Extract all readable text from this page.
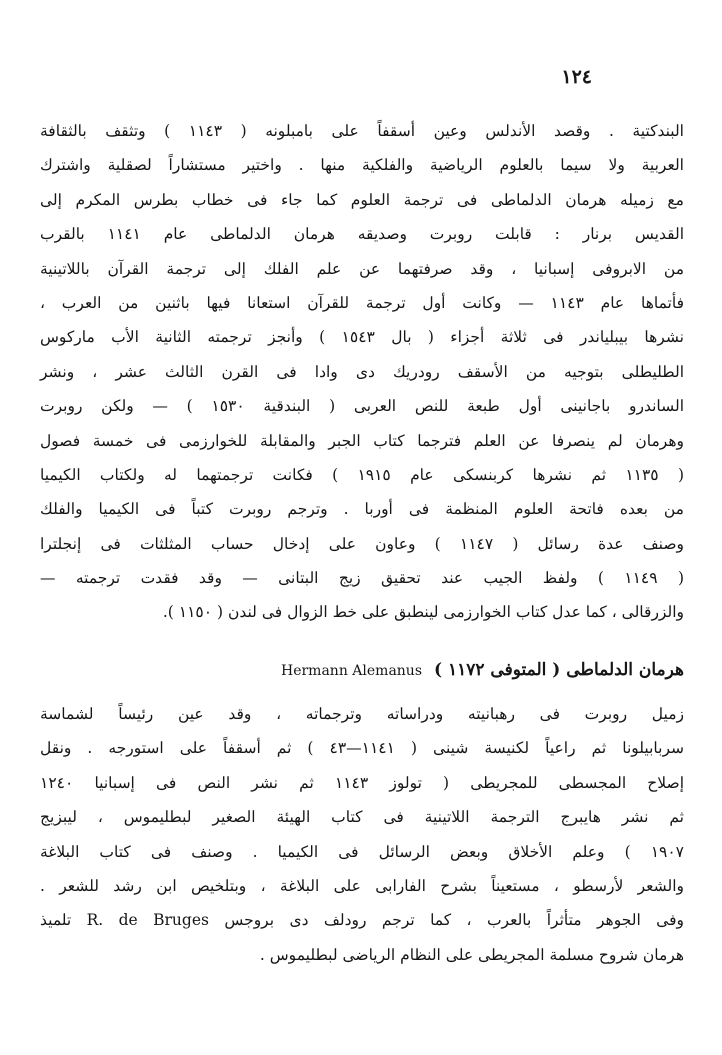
١٢٤
البندكتية . وقصد الأندلس وعين أسقفاً على بامبلونه ( ١١٤٣ ) وتثقف بالثقافة
العربية ولا سيما بالعلوم الرياضية والفلكية منها . واختير مستشاراً لصقلية واشترك
مع زميله هرمان الدلماطى فى ترجمة العلوم كما جاء فى خطاب بطرس المكرم إلى
القديس برنار : قابلت روبرت وصديقه هرمان الدلماطى عام ١١٤١ بالقرب
من الابروفى إسبانيا ، وقد صرفتهما عن علم الفلك إلى ترجمة القرآن باللاتينية
فأتماها عام ١١٤٣ — وكانت أول ترجمة للقرآن استعانا فيها باثنين من العرب ،
نشرها بيبلياندر فى ثلاثة أجزاء ( بال ١٥٤٣ ) وأنجز ترجمته الثانية الأب ماركوس
الطليطلى بتوجيه من الأسقف رودريك دى وادا فى القرن الثالث عشر ، ونشر
الساندرو باجانينى أول طبعة للنص العربى ( البندقية ١٥٣٠ ) — ولكن روبرت
وهرمان لم ينصرفا عن العلم فترجما كتاب الجبر والمقابلة للخوارزمى فى خمسة فصول
( ١١٣٥ ثم نشرها كربنسكى عام ١٩١٥ ) فكانت ترجمتهما له ولكتاب الكيميا
من بعده فاتحة العلوم المنظمة فى أوربا . وترجم روبرت كتباً فى الكيميا والفلك
وصنف عدة رسائل ( ١١٤٧ ) وعاون على إدخال حساب المثلثات فى إنجلترا
( ١١٤٩ ) ولفظ الجيب عند تحقيق زيج البتانى — وقد فقدت ترجمته —
والزرقالى ، كما عدل كتاب الخوارزمى لينطبق على خط الزوال فى لندن ( ١١٥٠ ).
هرمان الدلماطى ( المتوفى ١١٧٢ )Hermann Alemanus
زميل روبرت فى رهبانيته ودراساته وترجماته ، وقد عين رئيساً لشماسة
سربابيلونا ثم راعياً لكنيسة شينى ( ١١٤١—٤٣ ) ثم أسقفاً على استورجه . ونقل
إصلاح المجسطى للمجريطى ( تولوز ١١٤٣ ثم نشر النص فى إسبانيا ١٢٤٠
ثم نشر هايبرج الترجمة اللاتينية فى كتاب الهيئة الصغير لبطليموس ، ليبزيج
١٩٠٧ ) وعلم الأخلاق وبعض الرسائل فى الكيميا . وصنف فى كتاب البلاغة
والشعر لأرسطو ، مستعيناً بشرح الفارابى على البلاغة ، وبتلخيص ابن رشد للشعر .
وفى الجوهر متأثراً بالعرب ، كما ترجم رودلف دى بروجس R. de Bruges تلميذ
هرمان شروح مسلمة المجريطى على النظام الرياضى لبطليموس .
